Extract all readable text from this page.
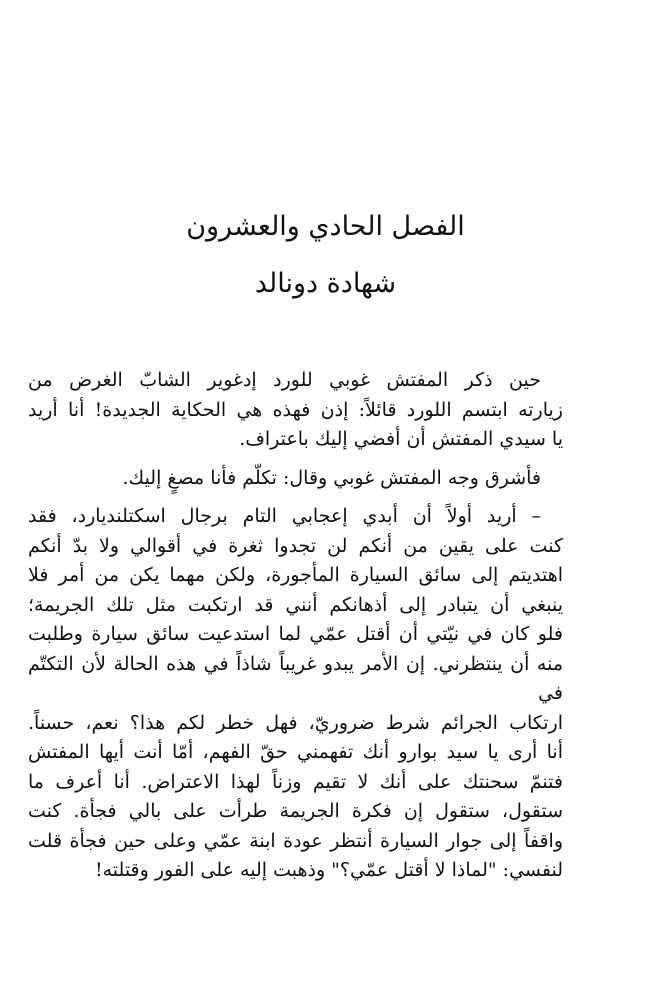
الفصل الحادي والعشرون
شهادة دونالد

حين ذكر المفتش غوبي للورد إدغوير الشابّ الغرض من

زيارته ابتسم اللورد قائلاً: إذن فهذه هي الحكاية الجديدة! أنا أريد

يا سيدي المفتش أن أفضي إليك باعتراف.

فأشرق وجه المفتش غوبي وقال: تكلّم فأنا مصغٍ إليك.

– أريد أولاً أن أبدي إعجابي التام برجال اسكتلنديارد، فقد

كنت على يقين من أنكم لن تجدوا ثغرة في أقوالي ولا بدّ أنكم

اهتديتم إلى سائق السيارة المأجورة، ولكن مهما يكن من أمر فلا

ينبغي أن يتبادر إلى أذهانكم أنني قد ارتكبت مثل تلك الجريمة؛

فلو كان في نيّتي أن أقتل عمّي لما استدعيت سائق سيارة وطلبت

منه أن ينتظرني. إن الأمر يبدو غريباً شاذاً في هذه الحالة لأن التكتّم في

ارتكاب الجرائم شرط ضروريّ، فهل خطر لكم هذا؟ نعم، حسناً.

أنا أرى يا سيد بوارو أنك تفهمني حقّ الفهم، أمّا أنت أيها المفتش

فتنمّ سحنتك على أنك لا تقيم وزناً لهذا الاعتراض. أنا أعرف ما

ستقول، ستقول إن فكرة الجريمة طرأت على بالي فجأة. كنت

واقفاً إلى جوار السيارة أنتظر عودة ابنة عمّي وعلى حين فجأة قلت

لنفسي: "لماذا لا أقتل عمّي؟" وذهبت إليه على الفور وقتلته!
